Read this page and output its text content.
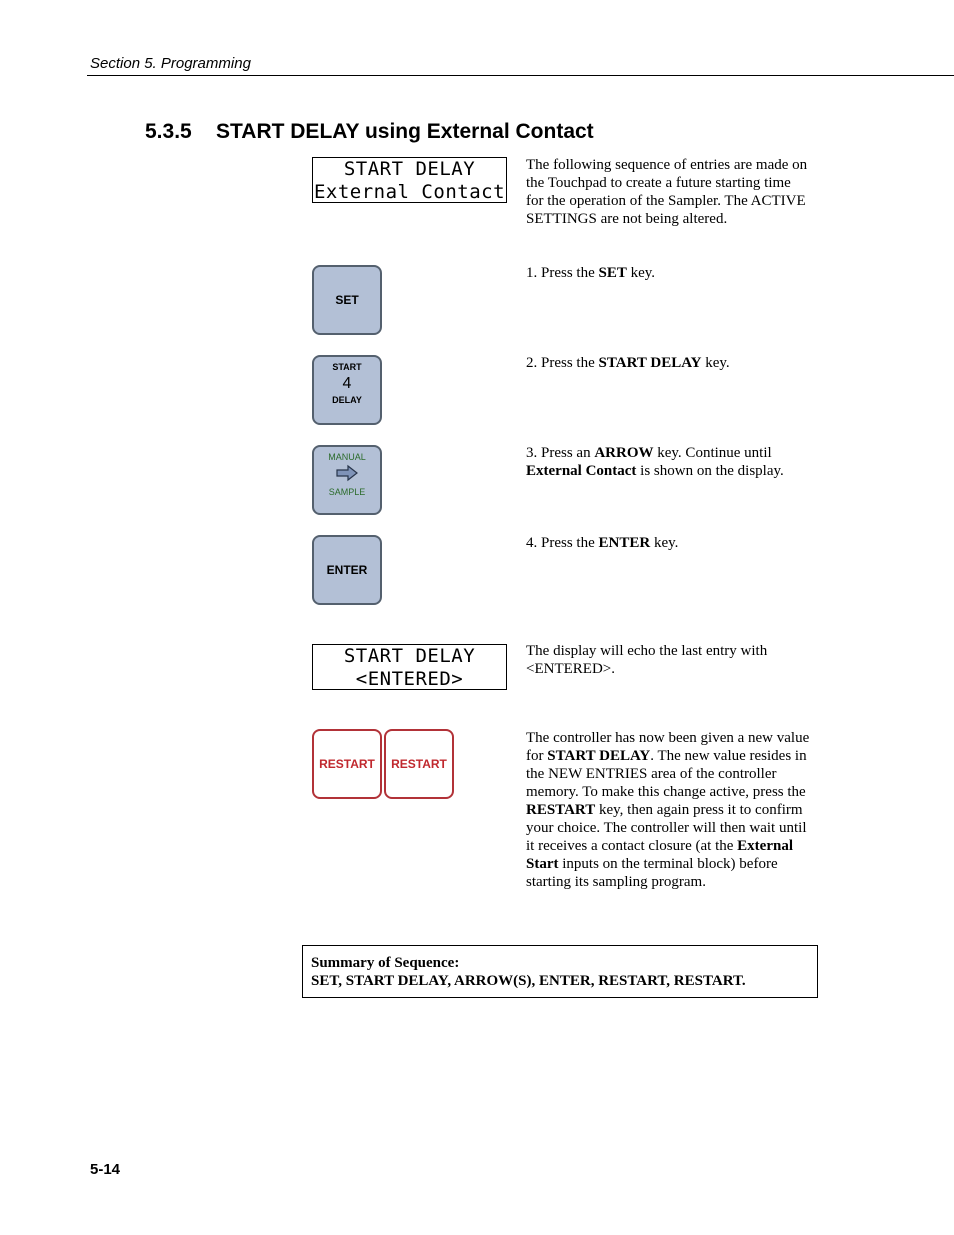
Section 5. Programming
5.3.5 START DELAY using External Contact
START DELAY
External Contact
The following sequence of entries are made on the Touchpad to create a future starting time for the operation of the Sampler. The ACTIVE SETTINGS are not being altered.
SET
1. Press the SET key.
START
4
DELAY
2. Press the START DELAY key.
MANUAL
SAMPLE
3. Press an ARROW key. Continue until External Contact is shown on the display.
ENTER
4. Press the ENTER key.
START DELAY
<ENTERED>
The display will echo the last entry with <ENTERED>.
RESTART	RESTART
The controller has now been given a new value for START DELAY. The new value resides in the NEW ENTRIES area of the controller memory. To make this change active, press the RESTART key, then again press it to confirm your choice. The controller will then wait until it receives a contact closure (at the External Start inputs on the terminal block) before starting its sampling program.
Summary of Sequence:
SET, START DELAY, ARROW(S), ENTER, RESTART, RESTART.
5-14
